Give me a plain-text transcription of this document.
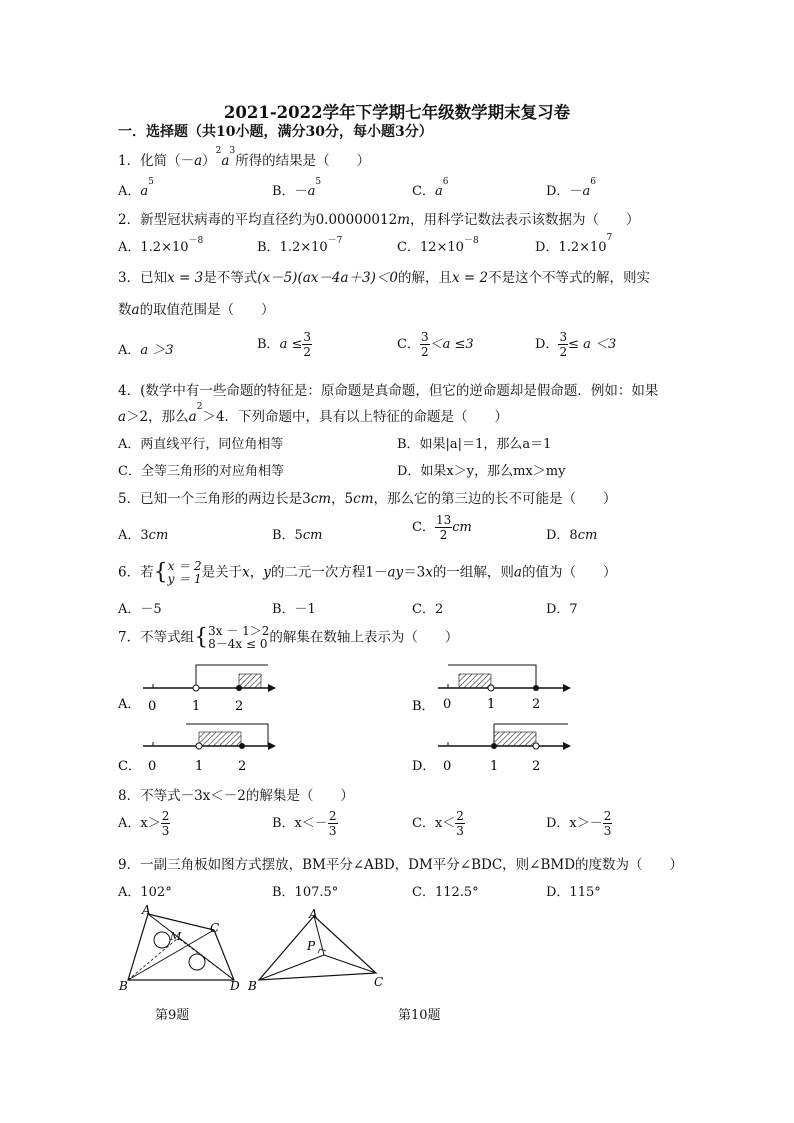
2021-2022学年下学期七年级数学期末复习卷
一．选择题（共10小题，满分30分，每小题3分）
1．化简$(-a)^2a^3$所得的结果是（　　）
A．$a^5$
B．$-a^5$
C．$a^6$
D．$-a^6$
2．新型冠状病毒的平均直径约为0.00000012m，用科学记数法表示该数据为（　　）
A．$1.2\times 10^{-8}$	B．$1.2\times 10^{-7}$	C．$12\times 10^{-8}$	D．$1.2\times 10^7$
3．已知x = 3是不等式(x－5)(ax－4a＋3)＜0的解，且x = 2不是这个不等式的解，则实
数a的取值范围是（　　）
A．a ＞3	B．$a \le \frac{3}{2}$	C． $\frac{3}{2} <a \le 3$	D． $\frac{3}{2} \le a <3$
4．(数学中有一些命题的特征是：原命题是真命题，但它的逆命题却是假命题．例如：如果
a＞2，那么$a^2>4$．下列命题中，具有以上特征的命题是（　　）
A．两直线平行，同位角相等	B．如果|a|＝1，那么a＝1
C．全等三角形的对应角相等	D．如果x＞y，那么mx＞my
5．已知一个三角形的两边长是3cm，5cm，那么它的第三边的长不可能是（　　）
A．3cm	B．5cm
C． $\frac{13}{2}$ cm
D．8cm
6．若{ x ＝ 2
y ＝ 1 是关于x，y的二元一次方程1－ay＝3x的一组解，则a的值为（　　）
A．－5	B．－1	C．2	D．7
7．不等式组{ 3x － 1＞2
8－4x ≤ 0 的解集在数轴上表示为（　　）
A． 0	1	2	B． 0	1	2
C． 0	1	2	D． 0	1	2
8．不等式－3x＜－2的解集是（　　）
A．$x> \frac{2}{3}$	B．$x<- \frac{2}{3}$	C．$x< \frac{2}{3}$	D．$x>- \frac{2}{3}$
9．一副三角板如图方式摆放，BM平分∠ABD，DM平分∠BDC，则∠BMD的度数为（　　）
A．102°	B．107.5°	C．112.5°	D．115°
A
C
M
B	D
A
P
B	C
第9题	第10题
